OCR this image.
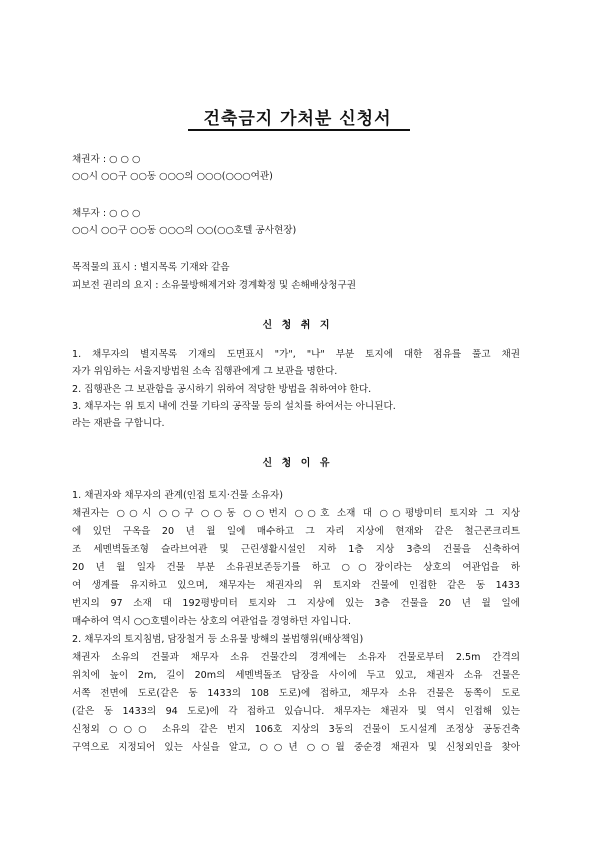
건축금지 가처분 신청서
채권자 : ○ ○ ○
○○시 ○○구 ○○동 ○○○의 ○○○(○○○여관)
채무자 : ○ ○ ○
○○시 ○○구 ○○동 ○○○의 ○○(○○호텔 공사현장)
목적물의 표시 : 별지목록 기재와 같음
피보전 권리의 요지 : 소유물방해제거와 경계확정 및 손해배상청구권
신 청 취 지
1. 채무자의 별지목록 기재의 도면표시 "가", "나" 부분 토지에 대한 점유를 풀고 채권
자가 위임하는 서울지방법원 소속 집행관에게 그 보관을 명한다.
2. 집행관은 그 보관함을 공시하기 위하여 적당한 방법을 취하여야 한다.
3. 채무자는 위 토지 내에 건물 기타의 공작물 등의 설치를 하여서는 아니된다.
라는 재판을 구합니다.
신 청 이 유
1. 채권자와 채무자의 관계(인접 토지·건물 소유자)
채권자는 ○○시 ○○구 ○○동 ○○번지 ○○호 소재 대 ○○평방미터 토지와 그 지상
에 있던 구옥을 20 년 월 일에 매수하고 그 자리 지상에 현재와 같은 철근콘크리트
조 세멘벽돌조형 슬라브여관 및 근린생활시설인 지하 1층 지상 3층의 건물을 신축하여
20 년 월 일자 건물 부분 소유권보존등기를 하고 ○○장이라는 상호의 여관업을 하
여 생계를 유지하고 있으며, 채무자는 채권자의 위 토지와 건물에 인접한 같은 동 1433
번지의 97 소재 대 192평방미터 토지와 그 지상에 있는 3층 건물을 20 년 월 일에
매수하여 역시 ○○호텔이라는 상호의 여관업을 경영하던 자입니다.
2. 채무자의 토지침범, 담장철거 등 소유물 방해의 불법행위(배상책임)
채권자 소유의 건물과 채무자 소유 건물간의 경계에는 소유자 건물로부터 2.5m 간격의
위치에 높이 2m, 길이 20m의 세멘벽돌조 담장을 사이에 두고 있고, 채권자 소유 건물은
서쪽 전면에 도로(같은 동 1433의 108 도로)에 접하고, 채무자 소유 건물은 동쪽이 도로
(같은 동 1433의 94 도로)에 각 접하고 있습니다. 채무자는 채권자 및 역시 인접해 있는
신청외 ○○○ 소유의 같은 번지 106호 지상의 3동의 건물이 도시설계 조정상 공동건축
구역으로 지정되어 있는 사실을 알고, ○○년 ○○월 중순경 채권자 및 신청외인을 찾아
